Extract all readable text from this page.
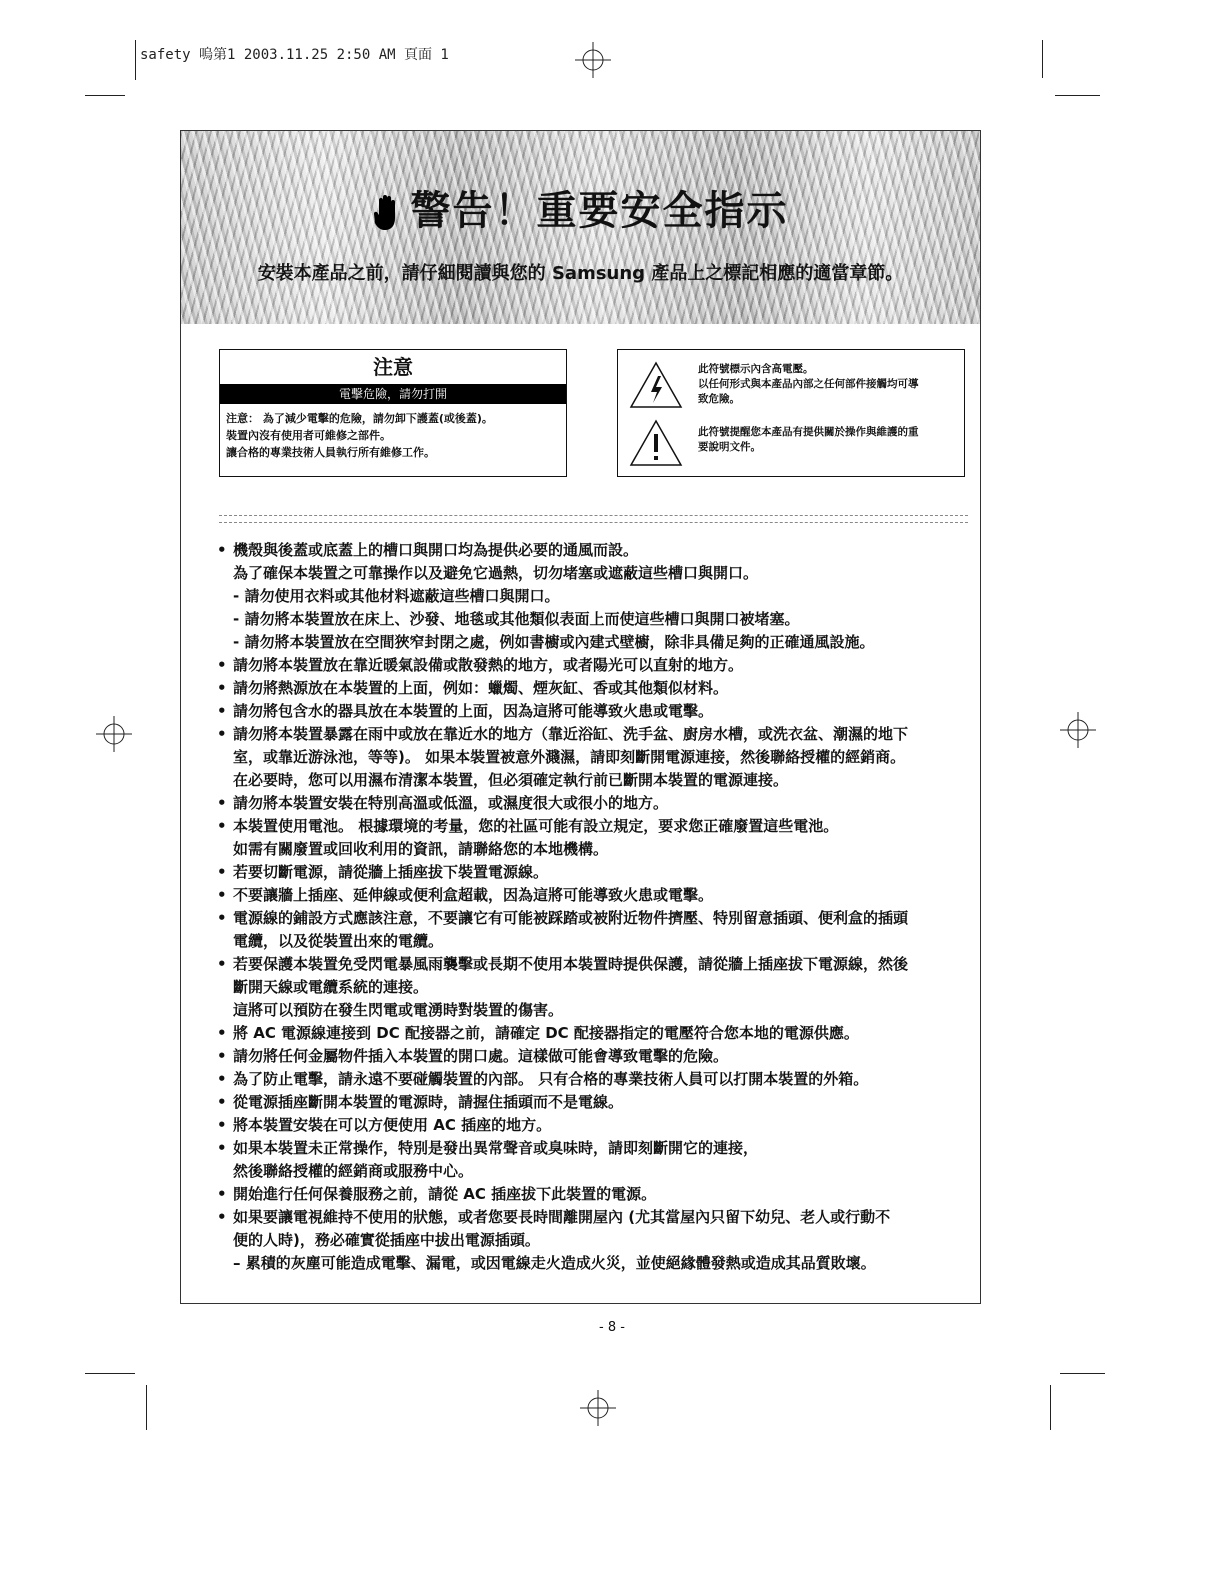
safety 嗚第1 2003.11.25 2:50 AM 頁面 1
警告！重要安全指示
安裝本產品之前，請仔細閱讀與您的 Samsung 產品上之標記相應的適當章節。
注意
電擊危險，請勿打開
注意： 為了減少電擊的危險，請勿卸下護蓋(或後蓋)。
裝置內沒有使用者可維修之部件。
讓合格的專業技術人員執行所有維修工作。
此符號標示內含高電壓。
以任何形式與本產品內部之任何部件接觸均可導
致危險。
此符號提醒您本產品有提供關於操作與維護的重
要說明文件。
• 機殼與後蓋或底蓋上的槽口與開口均為提供必要的通風而設。
為了確保本裝置之可靠操作以及避免它過熱，切勿堵塞或遮蔽這些槽口與開口。
- 請勿使用衣料或其他材料遮蔽這些槽口與開口。
- 請勿將本裝置放在床上、沙發、地毯或其他類似表面上而使這些槽口與開口被堵塞。
- 請勿將本裝置放在空間狹窄封閉之處，例如書櫥或內建式壁櫥，除非具備足夠的正確通風設施。
• 請勿將本裝置放在靠近暖氣設備或散發熱的地方，或者陽光可以直射的地方。
• 請勿將熱源放在本裝置的上面，例如：蠟燭、煙灰缸、香或其他類似材料。
• 請勿將包含水的器具放在本裝置的上面，因為這將可能導致火患或電擊。
• 請勿將本裝置暴露在雨中或放在靠近水的地方（靠近浴缸、洗手盆、廚房水槽，或洗衣盆、潮濕的地下
室，或靠近游泳池，等等)。 如果本裝置被意外濺濕，請即刻斷開電源連接，然後聯絡授權的經銷商。
在必要時，您可以用濕布清潔本裝置，但必須確定執行前已斷開本裝置的電源連接。
• 請勿將本裝置安裝在特別高溫或低溫，或濕度很大或很小的地方。
• 本裝置使用電池。 根據環境的考量，您的社區可能有設立規定，要求您正確廢置這些電池。
如需有關廢置或回收利用的資訊，請聯絡您的本地機構。
• 若要切斷電源，請從牆上插座拔下裝置電源線。
• 不要讓牆上插座、延伸線或便利盒超載，因為這將可能導致火患或電擊。
• 電源線的鋪設方式應該注意，不要讓它有可能被踩踏或被附近物件擠壓、特別留意插頭、便利盒的插頭
電纜，以及從裝置出來的電纜。
• 若要保護本裝置免受閃電暴風雨襲擊或長期不使用本裝置時提供保護，請從牆上插座拔下電源線，然後
斷開天線或電纜系統的連接。
這將可以預防在發生閃電或電湧時對裝置的傷害。
• 將 AC 電源線連接到 DC 配接器之前，請確定 DC 配接器指定的電壓符合您本地的電源供應。
• 請勿將任何金屬物件插入本裝置的開口處。這樣做可能會導致電擊的危險。
• 為了防止電擊，請永遠不要碰觸裝置的內部。 只有合格的專業技術人員可以打開本裝置的外箱。
• 從電源插座斷開本裝置的電源時，請握住插頭而不是電線。
• 將本裝置安裝在可以方便使用 AC 插座的地方。
• 如果本裝置未正常操作，特別是發出異常聲音或臭味時，請即刻斷開它的連接，
然後聯絡授權的經銷商或服務中心。
• 開始進行任何保養服務之前，請從 AC 插座拔下此裝置的電源。
• 如果要讓電視維持不使用的狀態，或者您要長時間離開屋內 (尤其當屋內只留下幼兒、老人或行動不
便的人時)，務必確實從插座中拔出電源插頭。
– 累積的灰塵可能造成電擊、漏電，或因電線走火造成火災，並使絕緣體發熱或造成其品質敗壞。
- 8 -
